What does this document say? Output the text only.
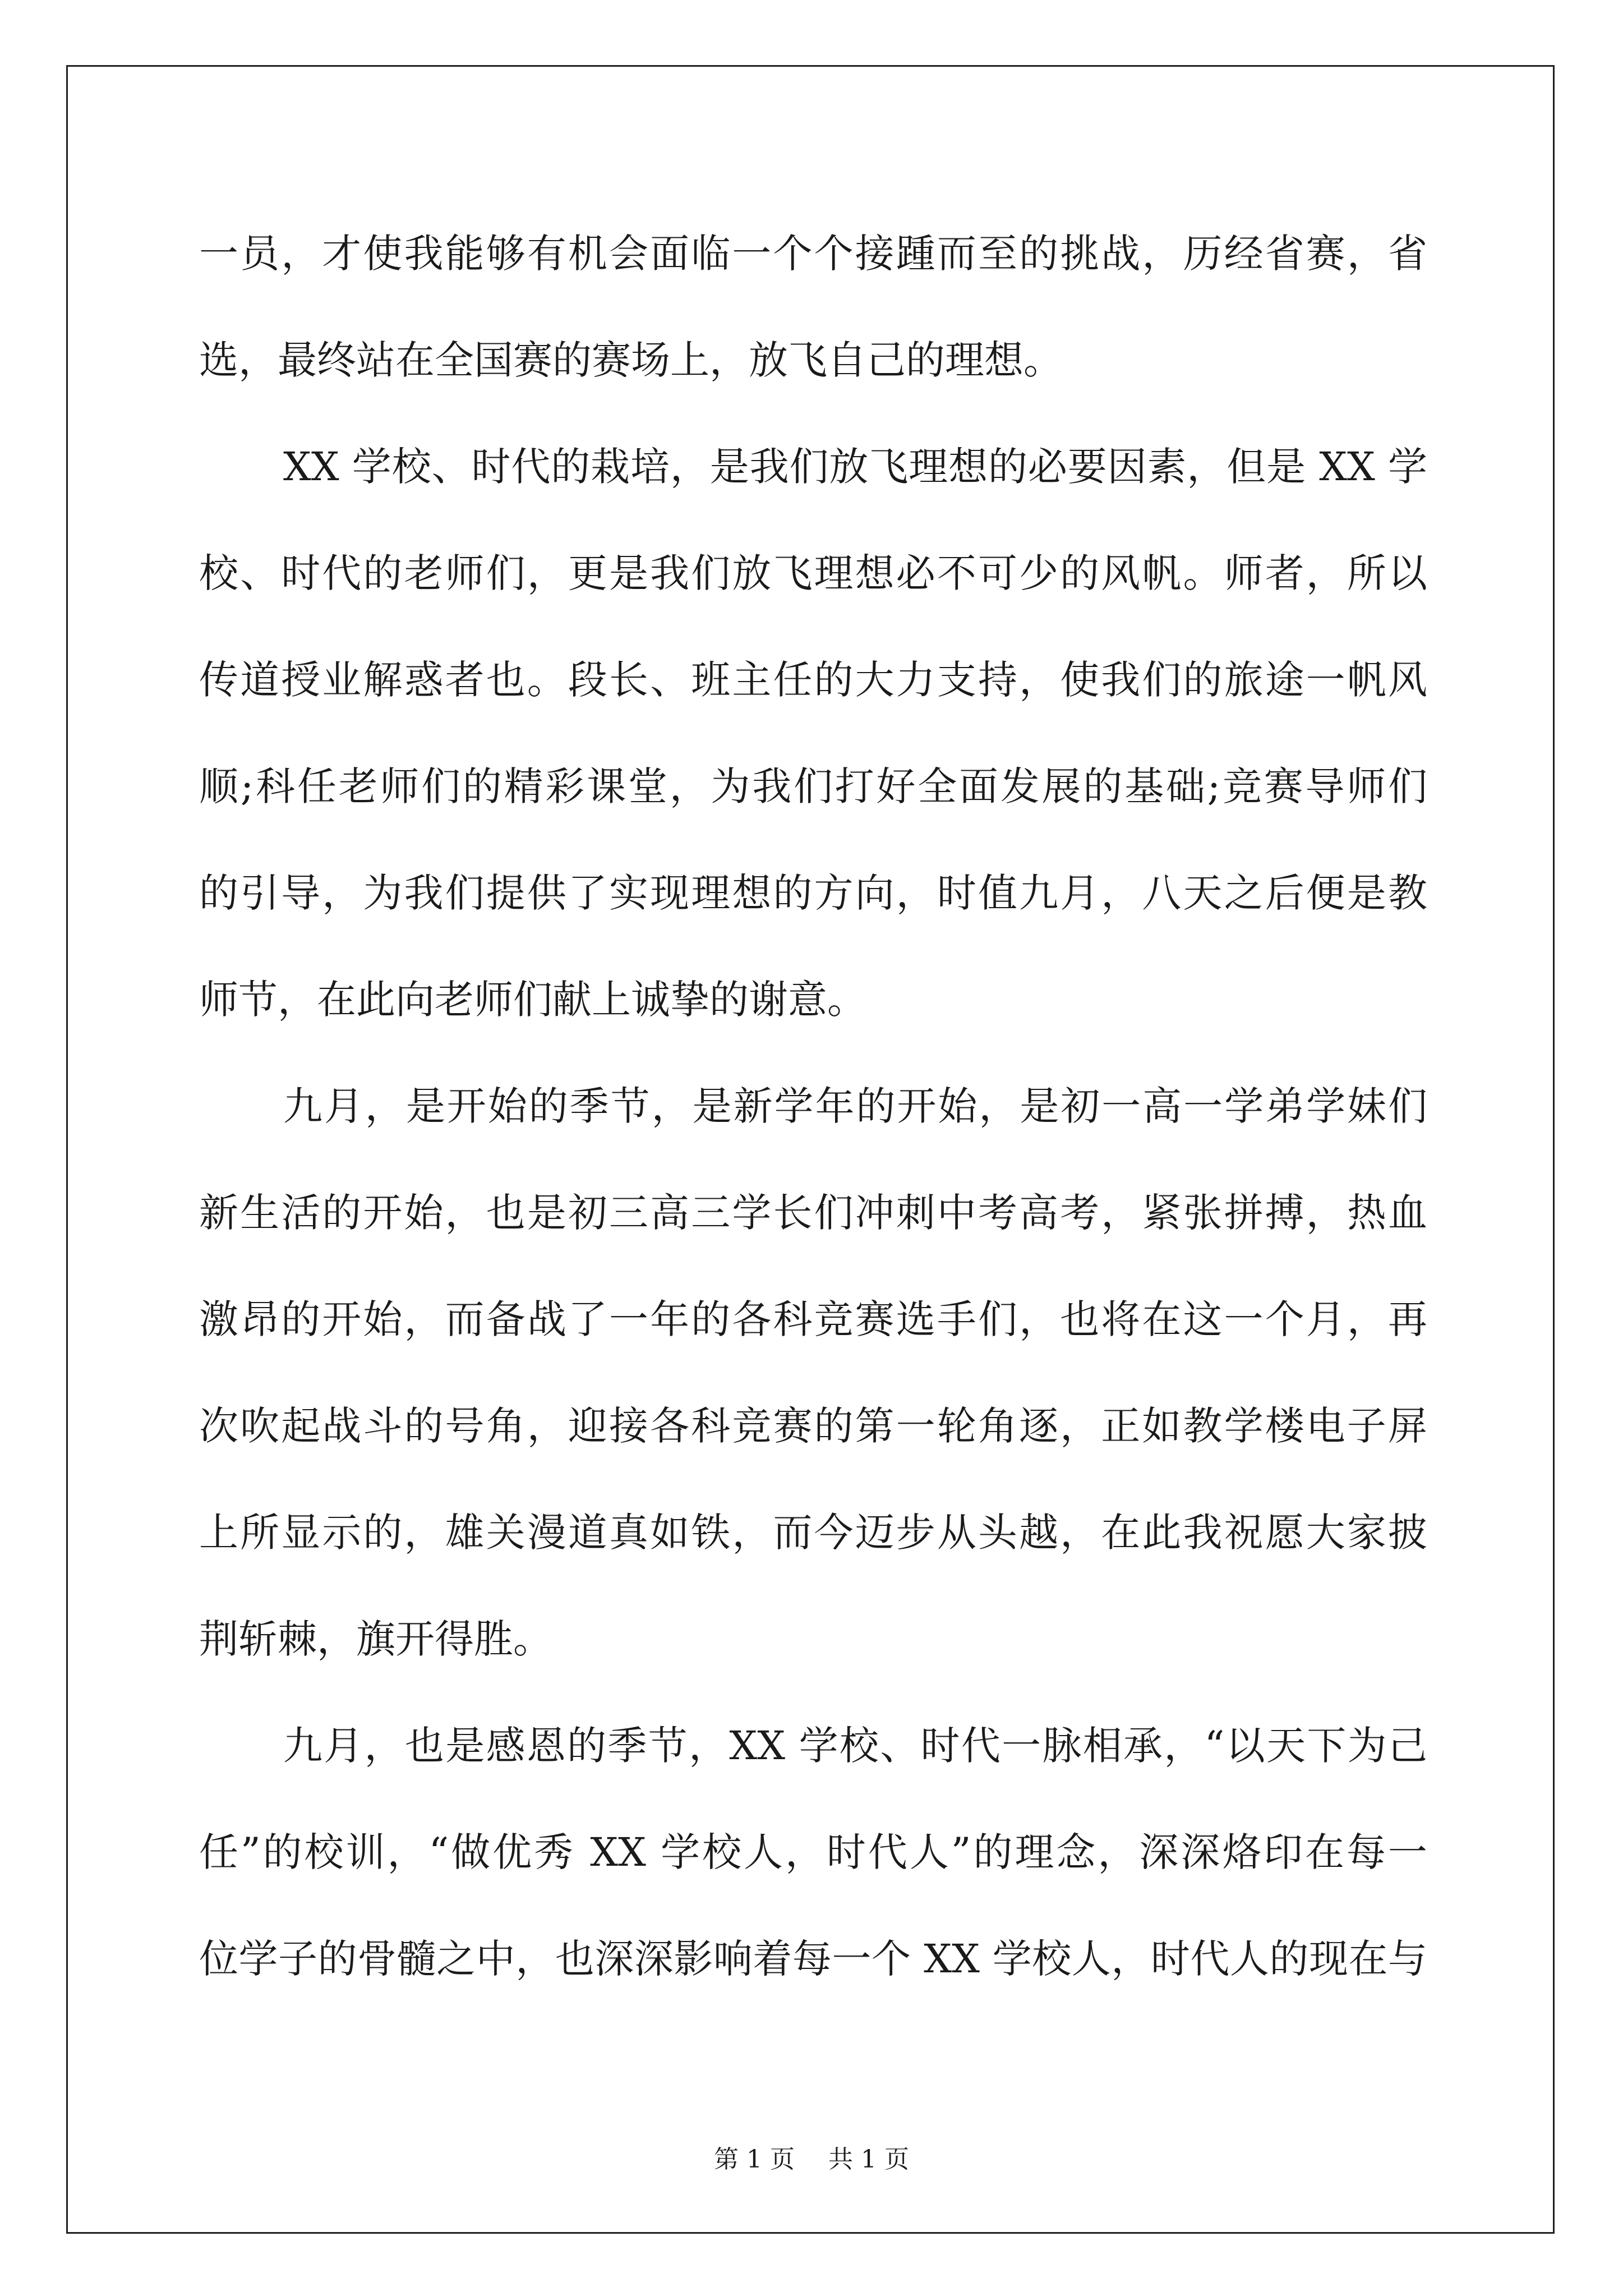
一员，才使我能够有机会面临一个个接踵而至的挑战，历经省赛，省
选，最终站在全国赛的赛场上，放飞自己的理想。
XX 学校、时代的栽培，是我们放飞理想的必要因素，但是 XX 学
校、时代的老师们，更是我们放飞理想必不可少的风帆。师者，所以
传道授业解惑者也。段长、班主任的大力支持，使我们的旅途一帆风
顺;科任老师们的精彩课堂，为我们打好全面发展的基础;竞赛导师们
的引导，为我们提供了实现理想的方向，时值九月，八天之后便是教
师节，在此向老师们献上诚挚的谢意。
九月，是开始的季节，是新学年的开始，是初一高一学弟学妹们
新生活的开始，也是初三高三学长们冲刺中考高考，紧张拼搏，热血
激昂的开始，而备战了一年的各科竞赛选手们，也将在这一个月，再
次吹起战斗的号角，迎接各科竞赛的第一轮角逐，正如教学楼电子屏
上所显示的，雄关漫道真如铁，而今迈步从头越，在此我祝愿大家披
荆斩棘，旗开得胜。
九月，也是感恩的季节，XX 学校、时代一脉相承，“以天下为己
任”的校训，“做优秀 XX 学校人，时代人”的理念，深深烙印在每一
位学子的骨髓之中，也深深影响着每一个 XX 学校人，时代人的现在与
第 1 页 共 1 页
